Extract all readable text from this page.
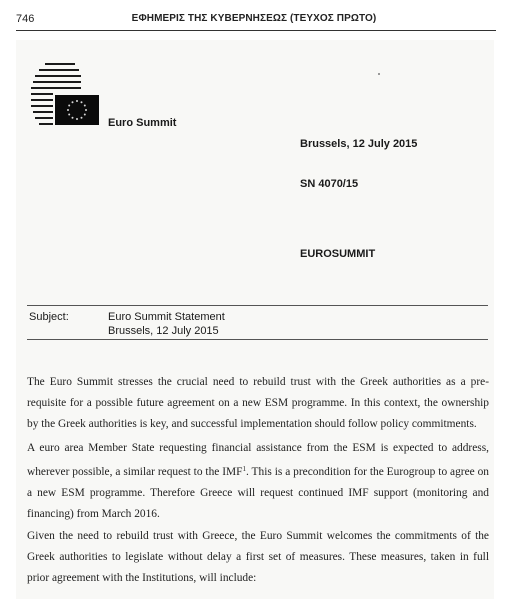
746	ΕΦΗΜΕΡΙΣ ΤΗΣ ΚΥΒΕΡΝΗΣΕΩΣ (ΤΕΥΧΟΣ ΠΡΩΤΟ)
Euro Summit
Brussels, 12 July 2015
SN 4070/15
EUROSUMMIT
Subject:	Euro Summit Statement
Brussels, 12 July 2015

The Euro Summit stresses the crucial need to rebuild trust with the Greek authorities as a pre-requisite for a possible future agreement on a new ESM programme. In this context, the ownership by the Greek authorities is key, and successful implementation should follow policy commitments.

A euro area Member State requesting financial assistance from the ESM is expected to address, wherever possible, a similar request to the IMF$^1$. This is a precondition for the Eurogroup to agree on a new ESM programme. Therefore Greece will request continued IMF support (monitoring and financing) from March 2016.

Given the need to rebuild trust with Greece, the Euro Summit welcomes the commitments of the Greek authorities to legislate without delay a first set of measures. These measures, taken in full prior agreement with the Institutions, will include:
